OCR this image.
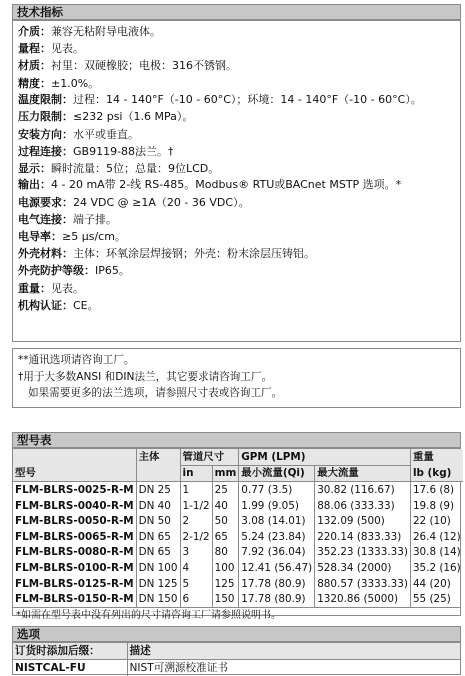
技术指标
介质：兼容无粘附导电液体。
量程：见表。
材质：衬里：双硬橡胶；电极：316不锈钢。
精度：±1.0%。
温度限制：过程：14 - 140°F（-10 - 60°C）；环境：14 - 140°F（-10 - 60°C）。
压力限制：≤232 psi（1.6 MPa）。
安装方向：水平或垂直。
过程连接：GB9119-88法兰。†
显示：瞬时流量：5位；总量：9位LCD。
输出：4 - 20 mA带 2-线 RS-485。Modbus® RTU或BACnet MSTP 选项。*
电源要求：24 VDC @ ≥1A（20 - 36 VDC）。
电气连接：端子排。
电导率：≥5 μs/cm。
外壳材料：主体：环氧涂层焊接钢；外壳：粉末涂层压铸铝。
外壳防护等级：IP65。
重量：见表。
机构认证：CE。
**通讯选项请咨询工厂。
†用于大多数ANSI 和DIN法兰，其它要求请咨询工厂。
如果需要更多的法兰选项，请参照尺寸表或咨询工厂。
型号表
	主体	管道尺寸		GPM (LPM)		重量
型号		in	mm	最小流量(Qi)	最大流量	lb (kg)
FLM-BLRS-0025-R-M	DN 25	1	25	0.77 (3.5)	30.82 (116.67)	17.6 (8)
FLM-BLRS-0040-R-M	DN 40	1-1/2	40	1.99 (9.05)	88.06 (333.33)	19.8 (9)
FLM-BLRS-0050-R-M	DN 50	2	50	3.08 (14.01)	132.09 (500)	22 (10)
FLM-BLRS-0065-R-M	DN 65	2-1/2	65	5.24 (23.84)	220.14 (833.33)	26.4 (12)
FLM-BLRS-0080-R-M	DN 65	3	80	7.92 (36.04)	352.23 (1333.33)	30.8 (14)
FLM-BLRS-0100-R-M	DN 100	4	100	12.41 (56.47)	528.34 (2000)	35.2 (16)
FLM-BLRS-0125-R-M	DN 125	5	125	17.78 (80.9)	880.57 (3333.33)	44 (20)
FLM-BLRS-0150-R-M	DN 150	6	150	17.78 (80.9)	1320.86 (5000)	55 (25)
*如需在型号表中没有列出的尺寸请咨询工厂请参照说明书。
选项
订货时添加后缀：	描述
NISTCAL-FU	NIST可溯源校准证书
